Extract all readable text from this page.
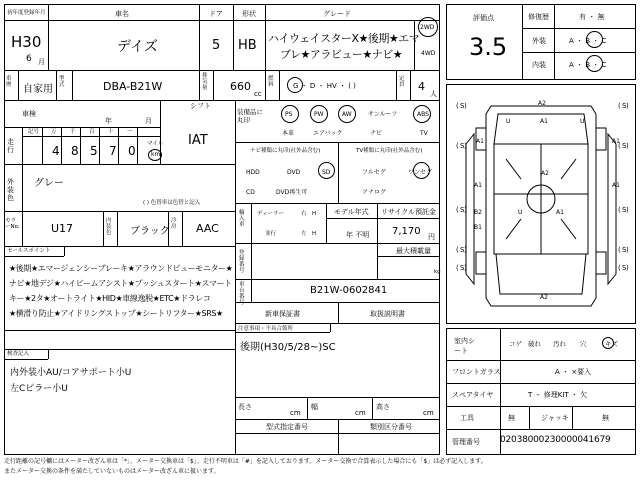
初年度登録年月	車名	ドア	形状	グレード
H30
6 月
デイズ	5 HB ハイウェイスターX★後期★エマ
ブレ★アラビュー★ナビ★
2WD
4WD
車歴	自家用
型式	DBA-B21W
排気量	660
cc
燃料	G ・ D ・ HV ・ ( )
定員	4
人
車検
年	月
走行
記号 万 千 百 十 一
4 8 5 7 0 マイル
km
シフト
IAT
外装色
グレー
( ) 色替車は色替と記入
カラーNo.	U17
内装色	ブラック
冷房	AAC
セールスポイント
★後期★エマージェンシーブレーキ★アラウンドビューモニター★
ナビ★地デジ★ハイビームアシスト★プッシュスタート★スマート
キー★2タ★オートライト★HID★車線逸脱★ETC★ドラレコ
★横滑り防止★アイドリングストップ★シートリフター★SRS★
検査記入
内外装小AU/コアサポート小U
左Cピラー小U
装備品に丸印
PS	PW	AW	サンルーフ	ABS
本革	エアバック	ナビ	TV
ナビ種類に丸印(社外品含む)	TV種類に丸印(社外品含む)
HDD	DVD	SD
CD	DVD再生可
フルセグ	ワンセグ
アナログ
輸入車
ディーラー
並行
右
左
H
H
モデル年式
年 不明
リサイクル預託金
7,170 円
最大積載量
kg
登録番号
車台番号
B21W-0602841
新車保証書	取扱説明書
注意事項・不具合箇所
後期(H30/5/28~)SC
長さ
cm
幅
cm
高さ
cm
型式指定番号	類別区分番号
評価点
3.5
修復歴	有 ・ 無
外装	A ・ B ・ C
内装	A ・ B ・ C
( S )	( S )
( S )	( S )
( S )	( S )
( S )	( S )
( S )	( S )
A2
A1
U	U
A1	A1
A2
A1	A1
A1
U
B2
B1
A2
室内シート
コゲ 破れ 汚れ 穴	キズ
フロントガラス	A ・ ×要入
スペアタイヤ	T ・ 修理KIT ・ 欠
工具	無	ジャッキ	無
管理番号 020380002300000416​79
走行距離の記号欄にはメーター改ざん車は「*」、メーター交換車は「$」、走行不明車は「#」を記入しております。メーター交換で合算表示した場合にも「$」は必ず記入します。
またメーター交換の条件を満たしていないものはメーター改ざん車に扱います。
